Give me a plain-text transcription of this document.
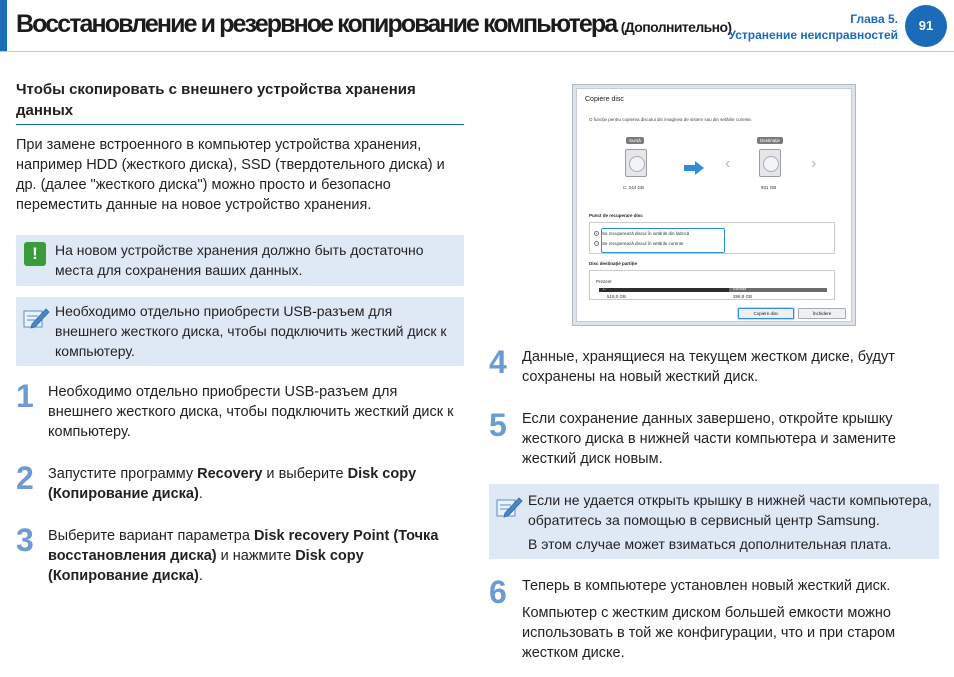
Восстановление и резервное копирование компьютера (Дополнительно)	Глава 5.
Устранение неисправностей
91
Чтобы скопировать с внешнего устройства хранения данных
При замене встроенного в компьютер устройства хранения, например HDD (жесткого диска), SSD (твердотельного диска) и др. (далее "жесткого диска") можно просто и безопасно переместить данные на новое устройство хранения.
!	На новом устройстве хранения должно быть достаточно места для сохранения ваших данных.
Необходимо отдельно приобрести USB-разъем для внешнего жесткого диска, чтобы подключить жесткий диск к компьютеру.
1 Необходимо отдельно приобрести USB-разъем для внешнего жесткого диска, чтобы подключить жесткий диск к компьютеру.
2 Запустите программу Recovery и выберите Disk copy (Копирование диска).
3 Выберите вариант параметра Disk recovery Point (Точка восстановления диска) и нажмите Disk copy (Копирование диска).
Copiere disc
O funcție pentru copierea discului din imaginea de sistem sau din setările curente.
Sursă
C: 244 GB
‹
Destinație
931 GB
›
Punct de recuperare disc
Se recuperează discul în setările din fabrică
Se recuperează discul în setările curente
Disc destinație partiție
Prezent
C	Rămase
519,0 GB	396,8 GB
Copiere disc	Închidere
4 Данные, хранящиеся на текущем жестком диске, будут сохранены на новый жесткий диск.
5 Если сохранение данных завершено, откройте крышку жесткого диска в нижней части компьютера и замените жесткий диск новым.
Если не удается открыть крышку в нижней части компьютера, обратитесь за помощью в сервисный центр Samsung.
В этом случае может взиматься дополнительная плата.
6 Теперь в компьютере установлен новый жесткий диск.
Компьютер с жестким диском большей емкости можно использовать в той же конфигурации, что и при старом жестком диске.
